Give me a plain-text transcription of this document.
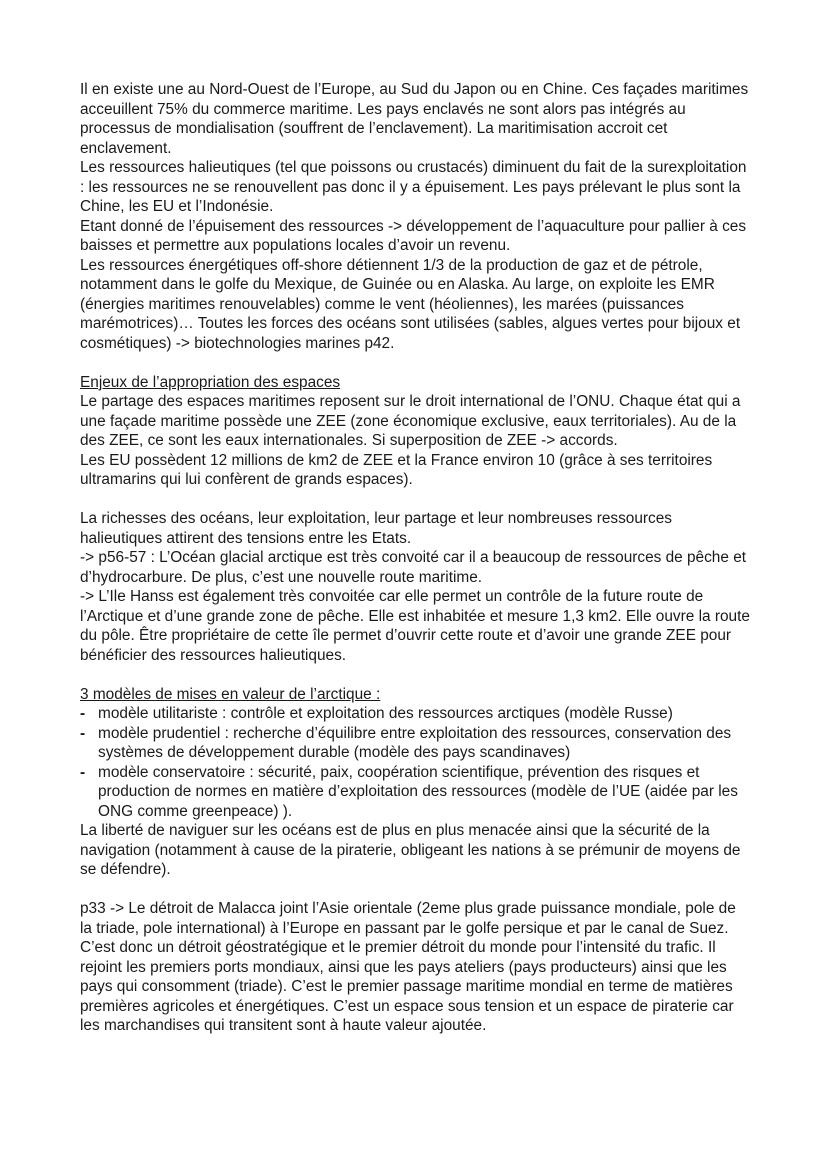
Il en existe une au Nord-Ouest de l’Europe, au Sud du Japon ou en Chine. Ces façades maritimes acceuillent 75% du commerce maritime. Les pays enclavés ne sont alors pas intégrés au processus de mondialisation (souffrent de l’enclavement). La maritimisation accroit cet enclavement.

Les ressources halieutiques (tel que poissons ou crustacés) diminuent du fait de la surexploitation : les ressources ne se renouvellent pas donc il y a épuisement. Les pays prélevant le plus sont la Chine, les EU et l’Indonésie.

Etant donné de l’épuisement des ressources -> développement de l’aquaculture pour pallier à ces baisses et permettre aux populations locales d’avoir un revenu.

Les ressources énergétiques off-shore détiennent 1/3 de la production de gaz et de pétrole, notamment dans le golfe du Mexique, de Guinée ou en Alaska. Au large, on exploite les EMR (énergies maritimes renouvelables) comme le vent (héoliennes), les marées (puissances marémotrices)… Toutes les forces des océans sont utilisées (sables, algues vertes pour bijoux et cosmétiques) -> biotechnologies marines p42.

Enjeux de l’appropriation des espaces

Le partage des espaces maritimes reposent sur le droit international de l’ONU. Chaque état qui a une façade maritime possède une ZEE (zone économique exclusive, eaux territoriales). Au de la des ZEE, ce sont les eaux internationales. Si superposition de ZEE -> accords.

Les EU possèdent 12 millions de km2 de ZEE et la France environ 10 (grâce à ses territoires ultramarins qui lui confèrent de grands espaces).

La richesses des océans, leur exploitation, leur partage et leur nombreuses ressources halieutiques attirent des tensions entre les Etats.

-> p56-57 : L’Océan glacial arctique est très convoité car il a beaucoup de ressources de pêche et d’hydrocarbure. De plus, c’est une nouvelle route maritime.

-> L’Ile Hanss est également très convoitée car elle permet un contrôle de la future route de l’Arctique et d’une grande zone de pêche. Elle est inhabitée et mesure 1,3 km2. Elle ouvre la route du pôle. Être propriétaire de cette île permet d’ouvrir cette route et d’avoir une grande ZEE pour bénéficier des ressources halieutiques.

3 modèles de mises en valeur de l’arctique :

- modèle utilitariste : contrôle et exploitation des ressources arctiques (modèle Russe)
- modèle prudentiel : recherche d’équilibre entre exploitation des ressources, conservation des systèmes de développement durable (modèle des pays scandinaves)
- modèle conservatoire : sécurité, paix, coopération scientifique, prévention des risques et production de normes en matière d’exploitation des ressources (modèle de l’UE (aidée par les ONG comme greenpeace) ).

La liberté de naviguer sur les océans est de plus en plus menacée ainsi que la sécurité de la navigation (notamment à cause de la piraterie, obligeant les nations à se prémunir de moyens de se défendre).

p33 -> Le détroit de Malacca joint l’Asie orientale (2eme plus grade puissance mondiale, pole de la triade, pole international) à l’Europe en passant par le golfe persique et par le canal de Suez. C’est donc un détroit géostratégique et le premier détroit du monde pour l’intensité du trafic. Il rejoint les premiers ports mondiaux, ainsi que les pays ateliers (pays producteurs) ainsi que les pays qui consomment (triade). C’est le premier passage maritime mondial en terme de matières premières agricoles et énergétiques. C’est un espace sous tension et un espace de piraterie car les marchandises qui transitent sont à haute valeur ajoutée.
